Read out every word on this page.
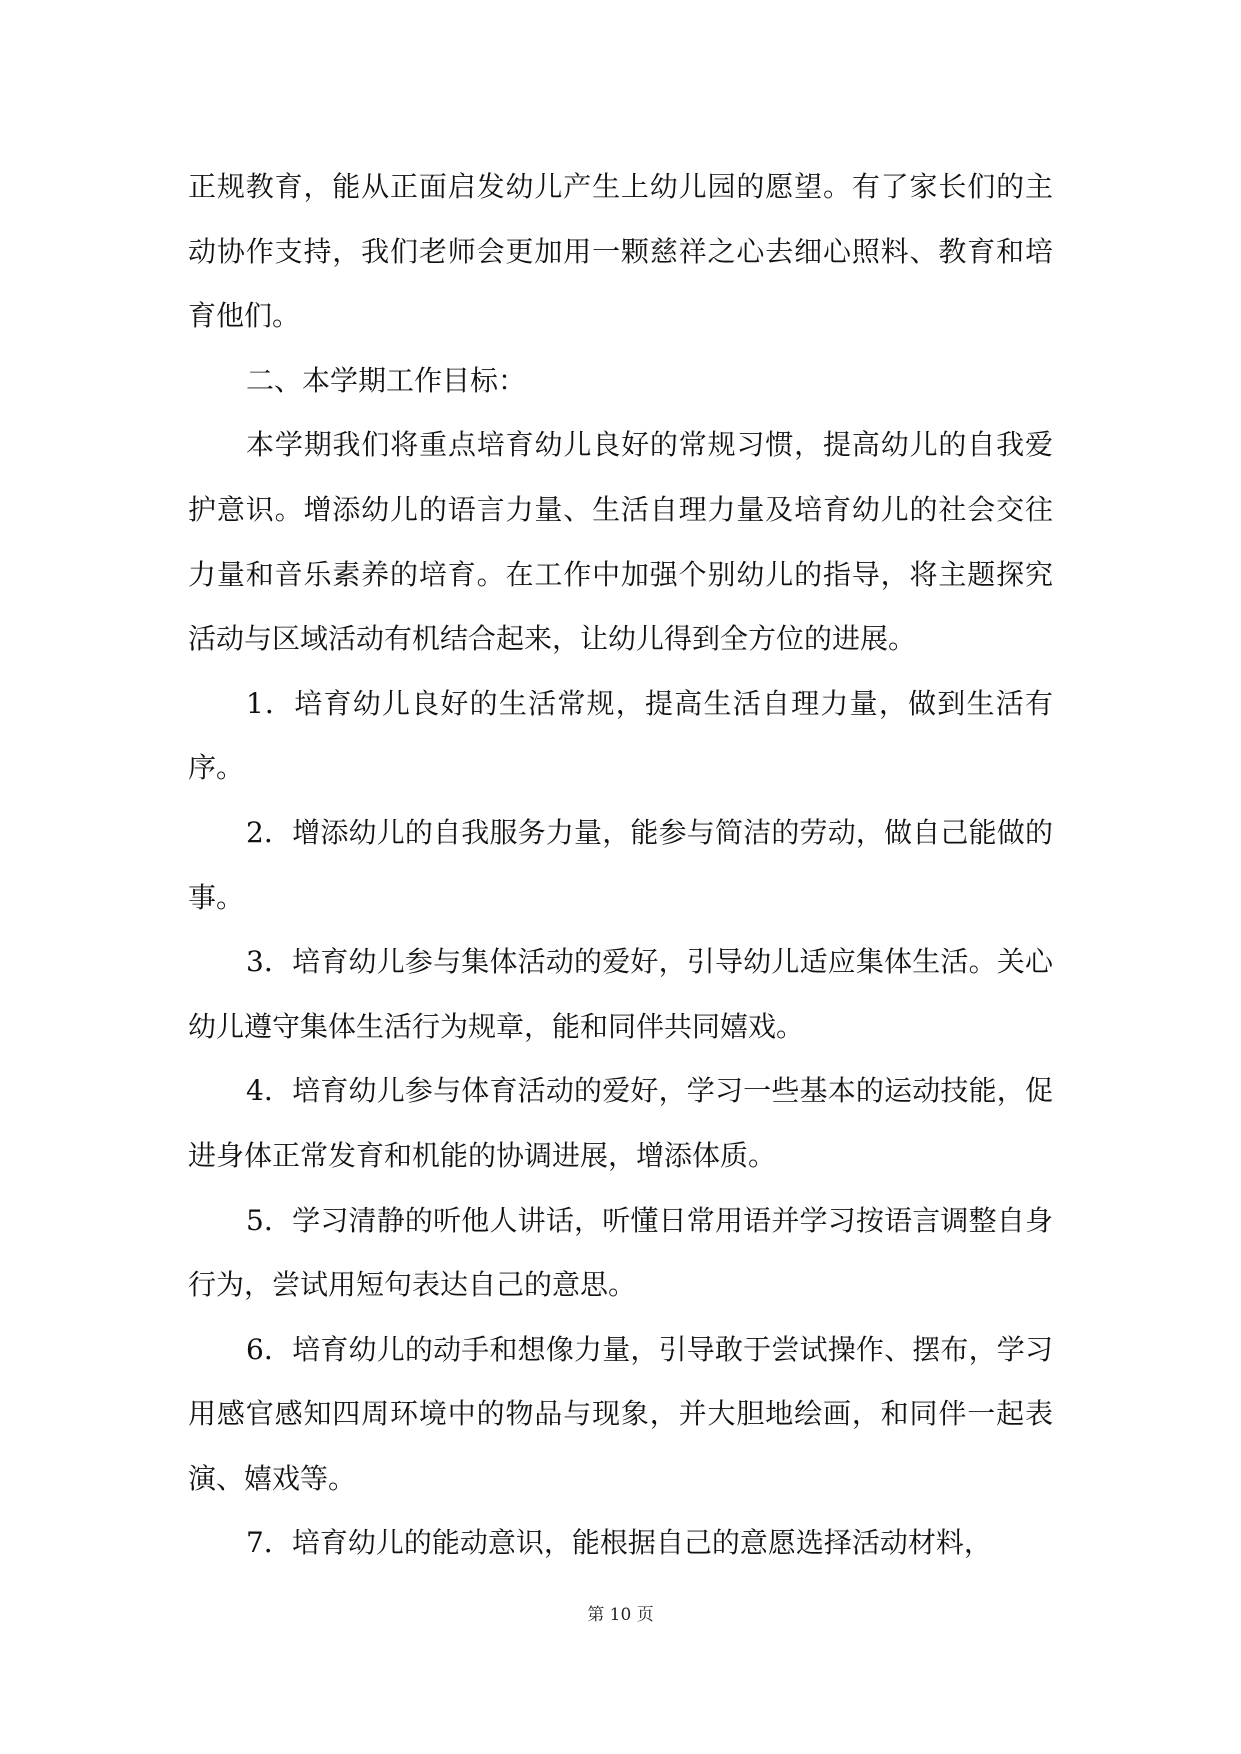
正规教育，能从正面启发幼儿产生上幼儿园的愿望。有了家长们的主动协作支持，我们老师会更加用一颗慈祥之心去细心照料、教育和培育他们。

二、本学期工作目标：

本学期我们将重点培育幼儿良好的常规习惯，提高幼儿的自我爱护意识。增添幼儿的语言力量、生活自理力量及培育幼儿的社会交往力量和音乐素养的培育。在工作中加强个别幼儿的指导，将主题探究活动与区域活动有机结合起来，让幼儿得到全方位的进展。

1．培育幼儿良好的生活常规，提高生活自理力量，做到生活有序。

2．增添幼儿的自我服务力量，能参与简洁的劳动，做自己能做的事。

3．培育幼儿参与集体活动的爱好，引导幼儿适应集体生活。关心幼儿遵守集体生活行为规章，能和同伴共同嬉戏。

4．培育幼儿参与体育活动的爱好，学习一些基本的运动技能，促进身体正常发育和机能的协调进展，增添体质。

5．学习清静的听他人讲话，听懂日常用语并学习按语言调整自身行为，尝试用短句表达自己的意思。

6．培育幼儿的动手和想像力量，引导敢于尝试操作、摆布，学习用感官感知四周环境中的物品与现象，并大胆地绘画，和同伴一起表演、嬉戏等。

7．培育幼儿的能动意识，能根据自己的意愿选择活动材料，

第 10 页
